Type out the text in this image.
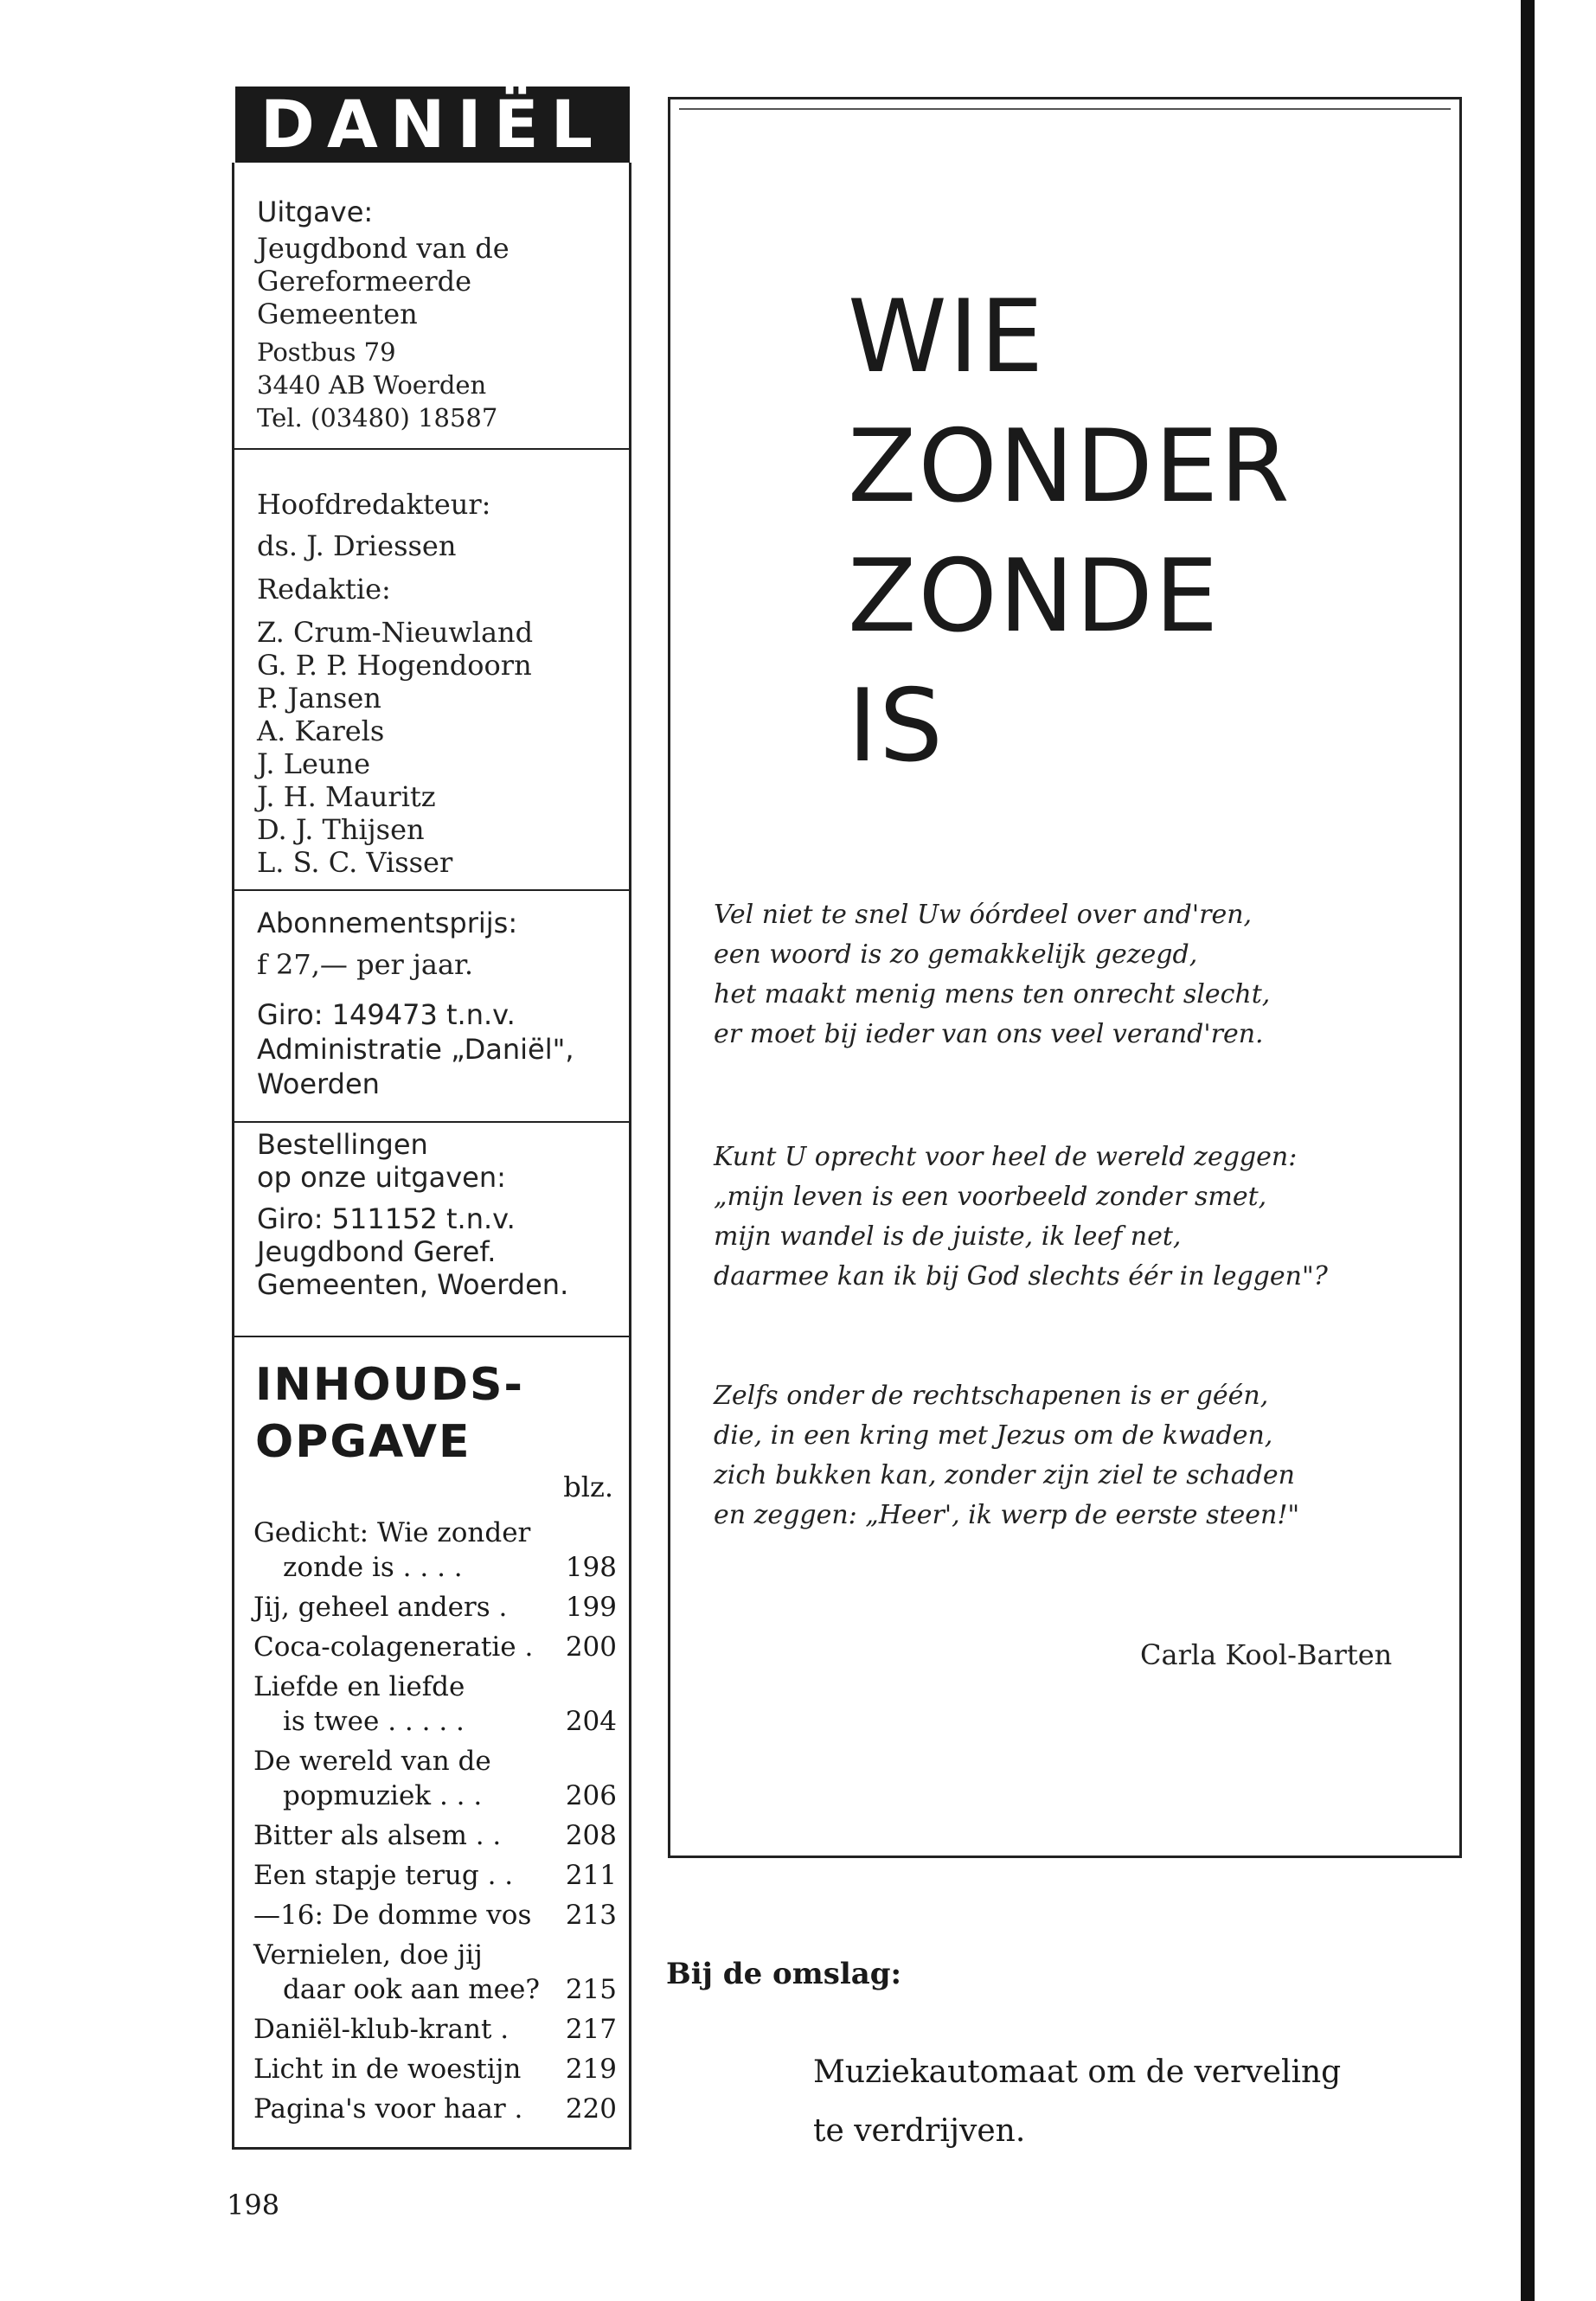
DANIËL
Uitgave:
Jeugdbond van de
Gereformeerde
Gemeenten
Postbus 79
3440 AB Woerden
Tel. (03480) 18587
Hoofdredakteur:
ds. J. Driessen
Redaktie:
Z. Crum-Nieuwland
G. P. P. Hogendoorn
P. Jansen
A. Karels
J. Leune
J. H. Mauritz
D. J. Thijsen
L. S. C. Visser
Abonnementsprijs:
f 27,— per jaar.
Giro: 149473 t.n.v.
Administratie „Daniël",
Woerden
Bestellingen
op onze uitgaven:
Giro: 511152 t.n.v.
Jeugdbond Geref.
Gemeenten, Woerden.
INHOUDS-
OPGAVE
blz.
Gedicht: Wie zonder
zonde is . . . .	198
Jij, geheel anders .	199
Coca-colageneratie .	200
Liefde en liefde
is twee . . . . .	204
De wereld van de
popmuziek . . .	206
Bitter als alsem . .	208
Een stapje terug . .	211
—16: De domme vos	213
Vernielen, doe jij
daar ook aan mee? 215
Daniël-klub-krant .	217
Licht in de woestijn	219
Pagina's voor haar .	220
198
WIE
ZONDER
ZONDE
IS
Vel niet te snel Uw óórdeel over and'ren,
een woord is zo gemakkelijk gezegd,
het maakt menig mens ten onrecht slecht,
er moet bij ieder van ons veel verand'ren.
Kunt U oprecht voor heel de wereld zeggen:
„mijn leven is een voorbeeld zonder smet,
mijn wandel is de juiste, ik leef net,
daarmee kan ik bij God slechts éér in leggen"?
Zelfs onder de rechtschapenen is er géén,
die, in een kring met Jezus om de kwaden,
zich bukken kan, zonder zijn ziel te schaden
en zeggen: „Heer', ik werp de eerste steen!"
Carla Kool-Barten
Bij de omslag:
Muziekautomaat om de verveling
te verdrijven.
